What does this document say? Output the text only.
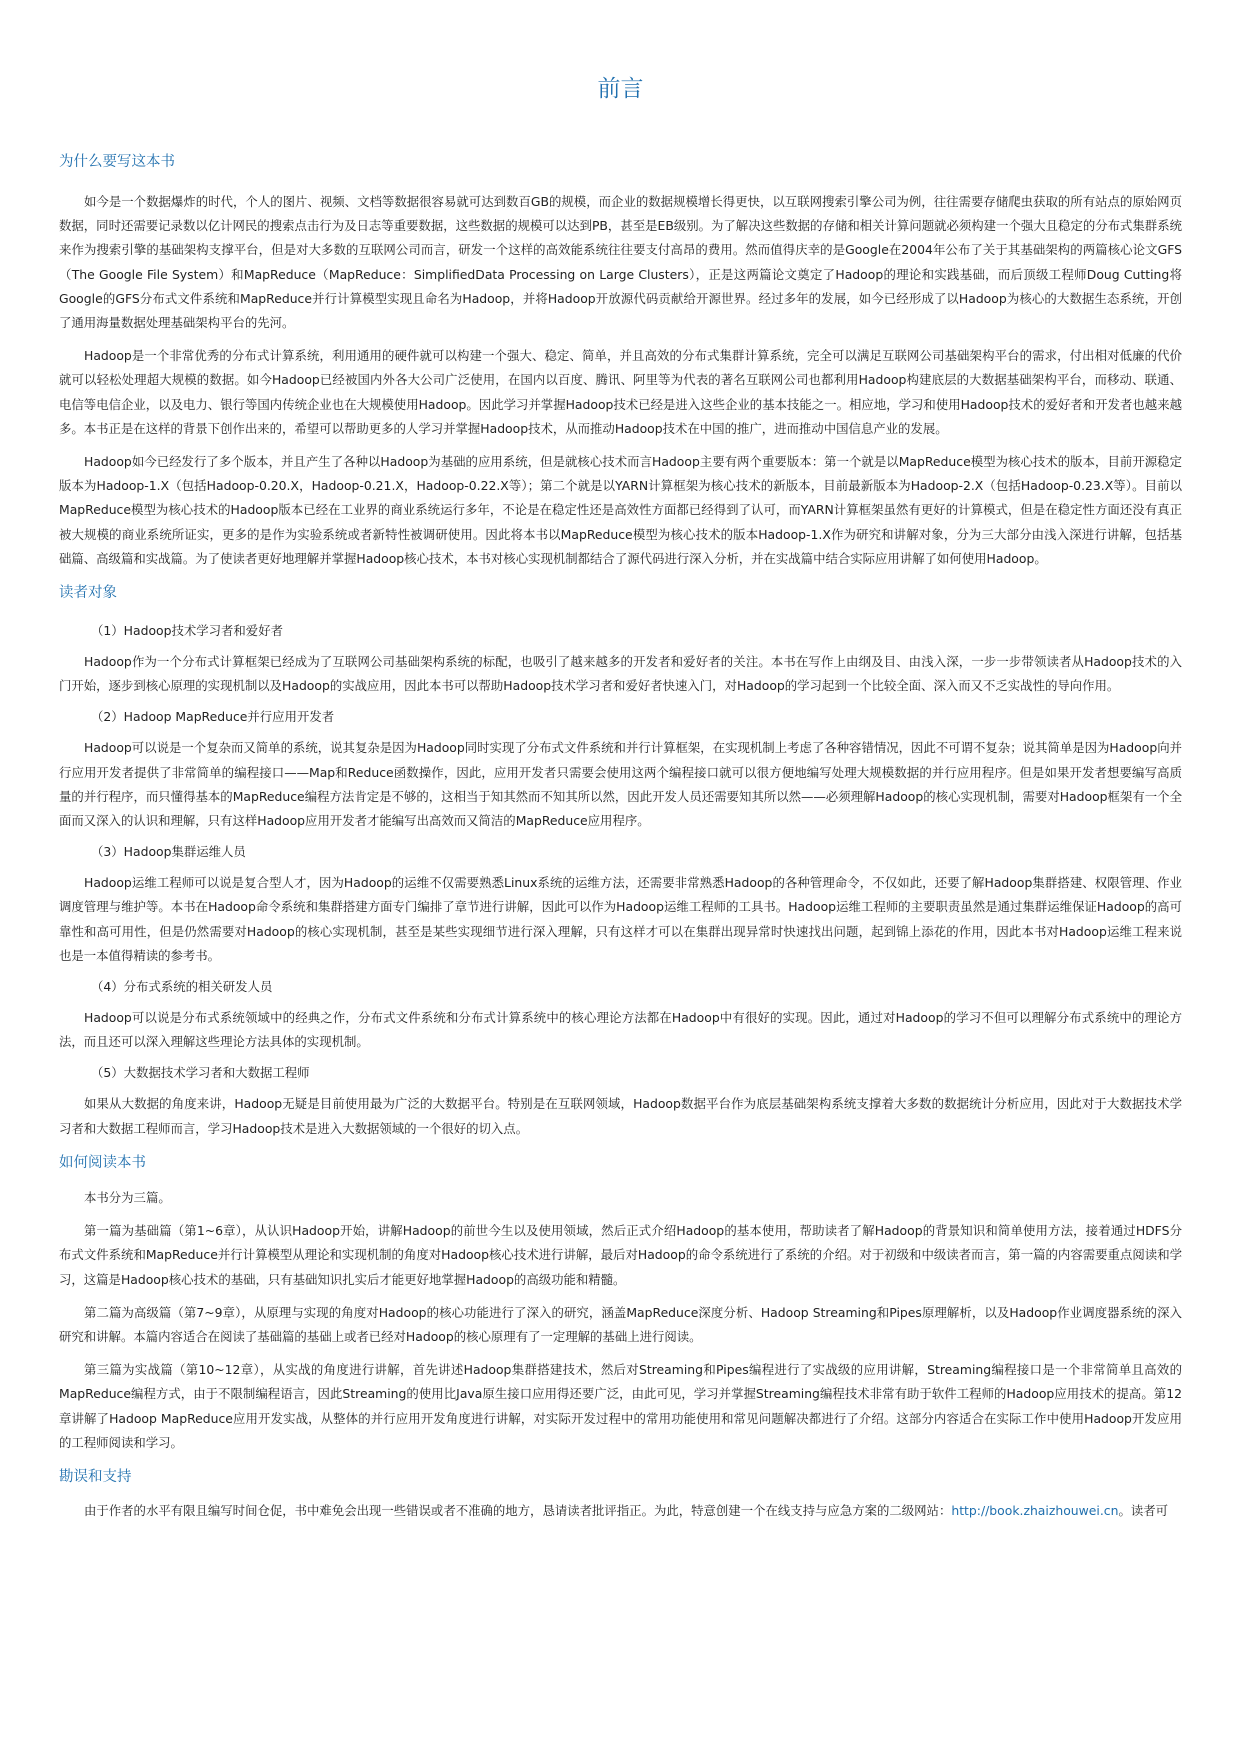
前言
为什么要写这本书

如今是一个数据爆炸的时代，个人的图片、视频、文档等数据很容易就可达到数百GB的规模，而企业的数据规模增长得更快，以互联网搜索引擎公司为例，往往需要存储爬虫获取的所有站点的原始网页数据，同时还需要记录数以亿计网民的搜索点击行为及日志等重要数据，这些数据的规模可以达到PB，甚至是EB级别。为了解决这些数据的存储和相关计算问题就必须构建一个强大且稳定的分布式集群系统来作为搜索引擎的基础架构支撑平台，但是对大多数的互联网公司而言，研发一个这样的高效能系统往往要支付高昂的费用。然而值得庆幸的是Google在2004年公布了关于其基础架构的两篇核心论文GFS（The Google File System）和MapReduce（MapReduce：SimplifiedData Processing on Large Clusters），正是这两篇论文奠定了Hadoop的理论和实践基础，而后顶级工程师Doug Cutting将Google的GFS分布式文件系统和MapReduce并行计算模型实现且命名为Hadoop，并将Hadoop开放源代码贡献给开源世界。经过多年的发展，如今已经形成了以Hadoop为核心的大数据生态系统，开创了通用海量数据处理基础架构平台的先河。

Hadoop是一个非常优秀的分布式计算系统，利用通用的硬件就可以构建一个强大、稳定、简单，并且高效的分布式集群计算系统，完全可以满足互联网公司基础架构平台的需求，付出相对低廉的代价就可以轻松处理超大规模的数据。如今Hadoop已经被国内外各大公司广泛使用，在国内以百度、腾讯、阿里等为代表的著名互联网公司也都利用Hadoop构建底层的大数据基础架构平台，而移动、联通、电信等电信企业，以及电力、银行等国内传统企业也在大规模使用Hadoop。因此学习并掌握Hadoop技术已经是进入这些企业的基本技能之一。相应地，学习和使用Hadoop技术的爱好者和开发者也越来越多。本书正是在这样的背景下创作出来的，希望可以帮助更多的人学习并掌握Hadoop技术，从而推动Hadoop技术在中国的推广，进而推动中国信息产业的发展。

Hadoop如今已经发行了多个版本，并且产生了各种以Hadoop为基础的应用系统，但是就核心技术而言Hadoop主要有两个重要版本：第一个就是以MapReduce模型为核心技术的版本，目前开源稳定版本为Hadoop-1.X（包括Hadoop-0.20.X，Hadoop-0.21.X，Hadoop-0.22.X等）；第二个就是以YARN计算框架为核心技术的新版本，目前最新版本为Hadoop-2.X（包括Hadoop-0.23.X等）。目前以MapReduce模型为核心技术的Hadoop版本已经在工业界的商业系统运行多年，不论是在稳定性还是高效性方面都已经得到了认可，而YARN计算框架虽然有更好的计算模式，但是在稳定性方面还没有真正被大规模的商业系统所证实，更多的是作为实验系统或者新特性被调研使用。因此将本书以MapReduce模型为核心技术的版本Hadoop-1.X作为研究和讲解对象，分为三大部分由浅入深进行讲解，包括基础篇、高级篇和实战篇。为了使读者更好地理解并掌握Hadoop核心技术，本书对核心实现机制都结合了源代码进行深入分析，并在实战篇中结合实际应用讲解了如何使用Hadoop。

读者对象

（1）Hadoop技术学习者和爱好者

Hadoop作为一个分布式计算框架已经成为了互联网公司基础架构系统的标配，也吸引了越来越多的开发者和爱好者的关注。本书在写作上由纲及目、由浅入深，一步一步带领读者从Hadoop技术的入门开始，逐步到核心原理的实现机制以及Hadoop的实战应用，因此本书可以帮助Hadoop技术学习者和爱好者快速入门，对Hadoop的学习起到一个比较全面、深入而又不乏实战性的导向作用。

（2）Hadoop MapReduce并行应用开发者

Hadoop可以说是一个复杂而又简单的系统，说其复杂是因为Hadoop同时实现了分布式文件系统和并行计算框架，在实现机制上考虑了各种容错情况，因此不可谓不复杂；说其简单是因为Hadoop向并行应用开发者提供了非常简单的编程接口——Map和Reduce函数操作，因此，应用开发者只需要会使用这两个编程接口就可以很方便地编写处理大规模数据的并行应用程序。但是如果开发者想要编写高质量的并行程序，而只懂得基本的MapReduce编程方法肯定是不够的，这相当于知其然而不知其所以然，因此开发人员还需要知其所以然——必须理解Hadoop的核心实现机制，需要对Hadoop框架有一个全面而又深入的认识和理解，只有这样Hadoop应用开发者才能编写出高效而又简洁的MapReduce应用程序。

（3）Hadoop集群运维人员

Hadoop运维工程师可以说是复合型人才，因为Hadoop的运维不仅需要熟悉Linux系统的运维方法，还需要非常熟悉Hadoop的各种管理命令，不仅如此，还要了解Hadoop集群搭建、权限管理、作业调度管理与维护等。本书在Hadoop命令系统和集群搭建方面专门编排了章节进行讲解，因此可以作为Hadoop运维工程师的工具书。Hadoop运维工程师的主要职责虽然是通过集群运维保证Hadoop的高可靠性和高可用性，但是仍然需要对Hadoop的核心实现机制，甚至是某些实现细节进行深入理解，只有这样才可以在集群出现异常时快速找出问题，起到锦上添花的作用，因此本书对Hadoop运维工程来说也是一本值得精读的参考书。

（4）分布式系统的相关研发人员

Hadoop可以说是分布式系统领域中的经典之作，分布式文件系统和分布式计算系统中的核心理论方法都在Hadoop中有很好的实现。因此，通过对Hadoop的学习不但可以理解分布式系统中的理论方法，而且还可以深入理解这些理论方法具体的实现机制。

（5）大数据技术学习者和大数据工程师

如果从大数据的角度来讲，Hadoop无疑是目前使用最为广泛的大数据平台。特别是在互联网领域，Hadoop数据平台作为底层基础架构系统支撑着大多数的数据统计分析应用，因此对于大数据技术学习者和大数据工程师而言，学习Hadoop技术是进入大数据领域的一个很好的切入点。

如何阅读本书

本书分为三篇。

第一篇为基础篇（第1~6章），从认识Hadoop开始，讲解Hadoop的前世今生以及使用领域，然后正式介绍Hadoop的基本使用，帮助读者了解Hadoop的背景知识和简单使用方法，接着通过HDFS分布式文件系统和MapReduce并行计算模型从理论和实现机制的角度对Hadoop核心技术进行讲解，最后对Hadoop的命令系统进行了系统的介绍。对于初级和中级读者而言，第一篇的内容需要重点阅读和学习，这篇是Hadoop核心技术的基础，只有基础知识扎实后才能更好地掌握Hadoop的高级功能和精髓。

第二篇为高级篇（第7~9章），从原理与实现的角度对Hadoop的核心功能进行了深入的研究，涵盖MapReduce深度分析、Hadoop Streaming和Pipes原理解析，以及Hadoop作业调度器系统的深入研究和讲解。本篇内容适合在阅读了基础篇的基础上或者已经对Hadoop的核心原理有了一定理解的基础上进行阅读。

第三篇为实战篇（第10~12章），从实战的角度进行讲解，首先讲述Hadoop集群搭建技术，然后对Streaming和Pipes编程进行了实战级的应用讲解，Streaming编程接口是一个非常简单且高效的MapReduce编程方式，由于不限制编程语言，因此Streaming的使用比Java原生接口应用得还要广泛，由此可见，学习并掌握Streaming编程技术非常有助于软件工程师的Hadoop应用技术的提高。第12章讲解了Hadoop MapReduce应用开发实战，从整体的并行应用开发角度进行讲解，对实际开发过程中的常用功能使用和常见问题解决都进行了介绍。这部分内容适合在实际工作中使用Hadoop开发应用的工程师阅读和学习。

勘误和支持

由于作者的水平有限且编写时间仓促，书中难免会出现一些错误或者不准确的地方，恳请读者批评指正。为此，特意创建一个在线支持与应急方案的二级网站：http://book.zhaizhouwei.cn。读者可
